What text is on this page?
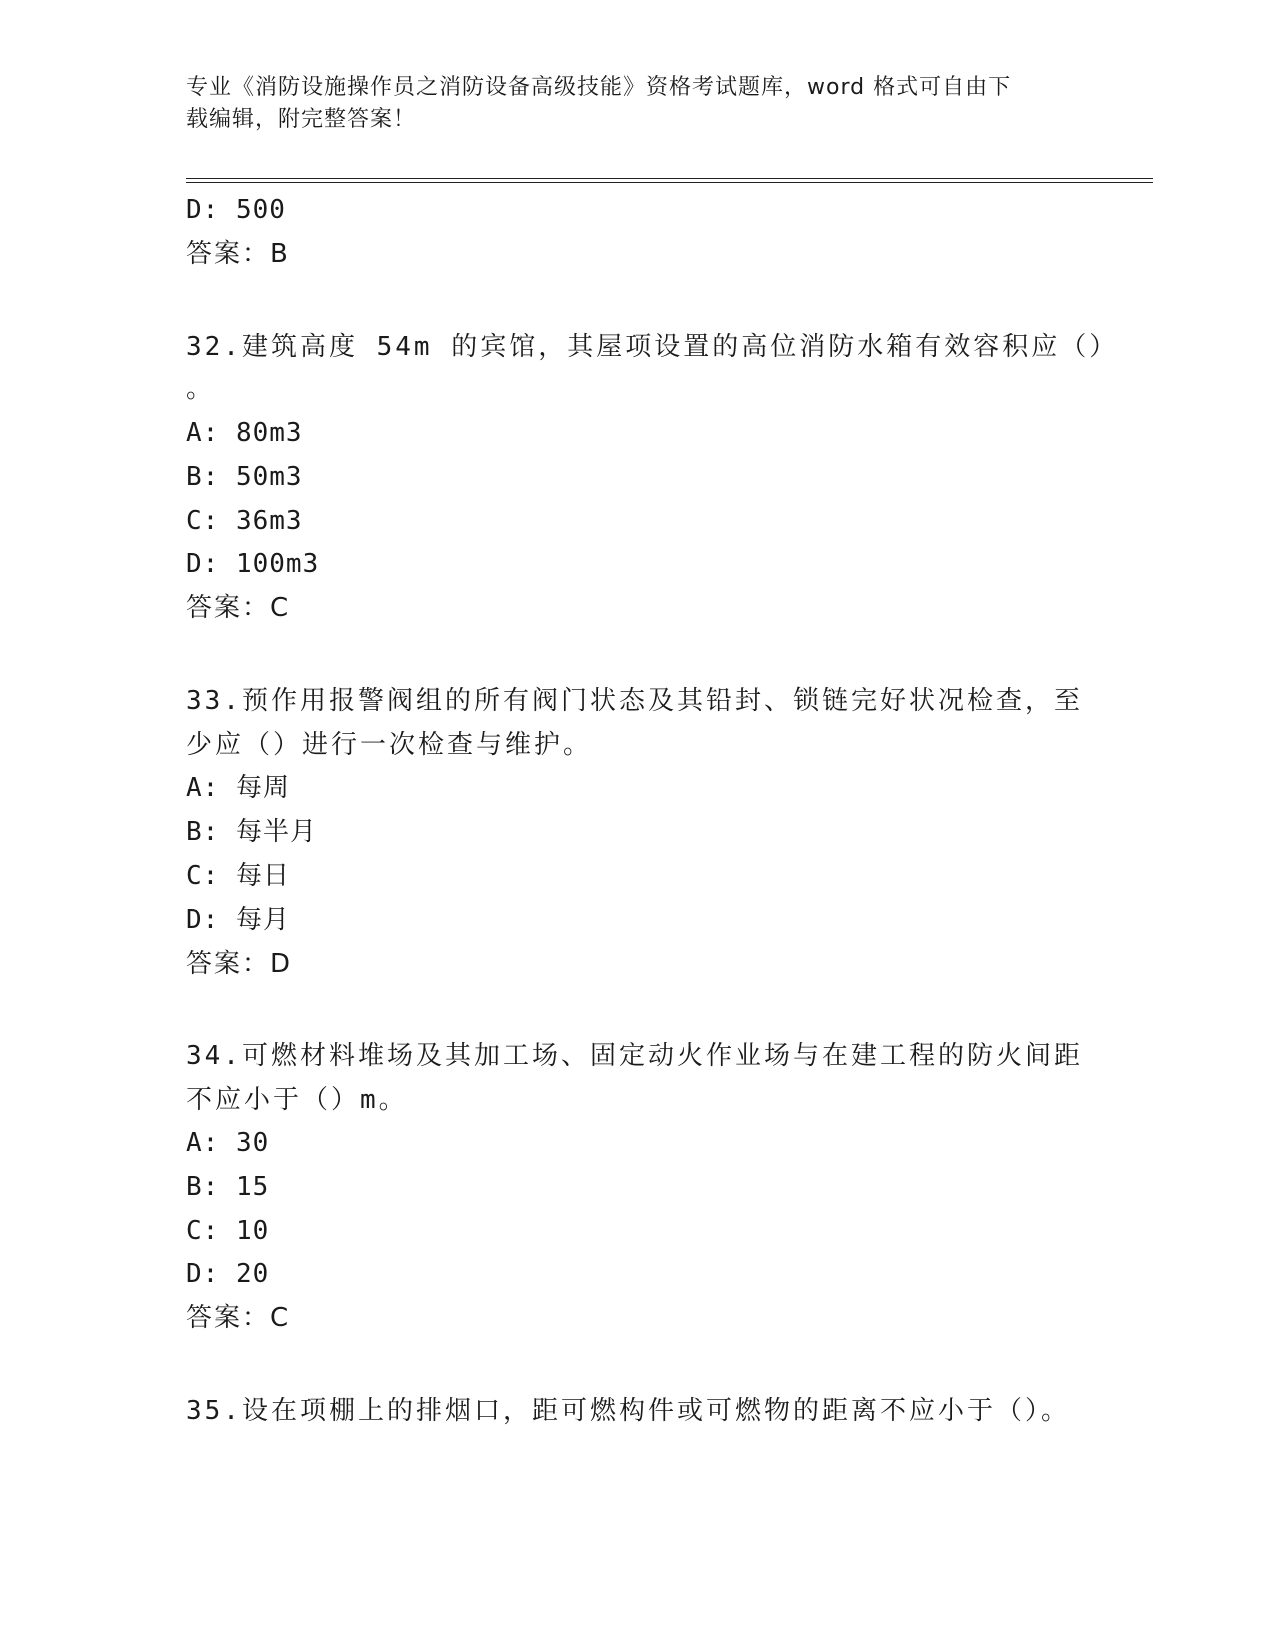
专业《消防设施操作员之消防设备高级技能》资格考试题库，word 格式可自由下
载编辑，附完整答案！
D: 500
答案：B
32.建筑高度 54m 的宾馆，其屋项设置的高位消防水箱有效容积应（）
。
A: 80m3
B: 50m3
C: 36m3
D: 100m3
答案：C
33.预作用报警阀组的所有阀门状态及其铅封、锁链完好状况检查，至
少应（）进行一次检查与维护。
A: 每周
B: 每半月
C: 每日
D: 每月
答案：D
34.可燃材料堆场及其加工场、固定动火作业场与在建工程的防火间距
不应小于（）m。
A: 30
B: 15
C: 10
D: 20
答案：C
35.设在项棚上的排烟口，距可燃构件或可燃物的距离不应小于（）。
